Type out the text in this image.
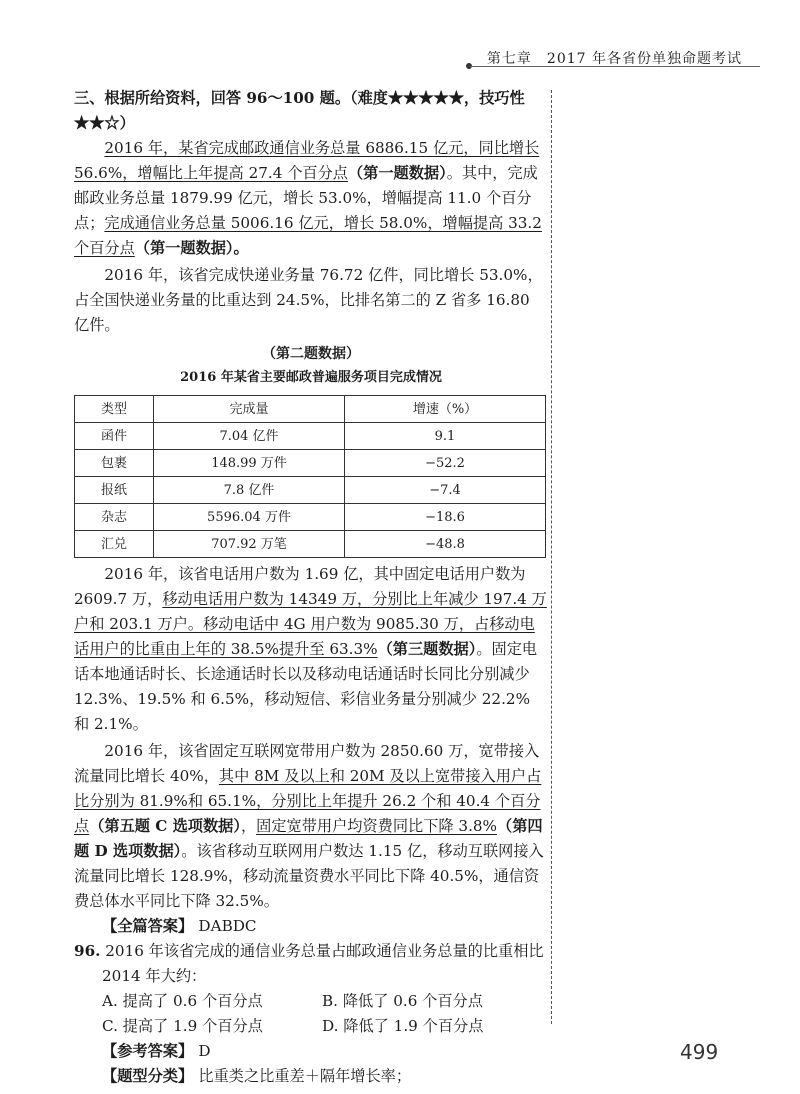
第七章　2017 年各省份单独命题考试

三、根据所给资料，回答 96～100 题。（难度★★★★★，技巧性★★☆）

2016 年，某省完成邮政通信业务总量 6886.15 亿元，同比增长 56.6%，增幅比上年提高 27.4 个百分点（第一题数据）。其中，完成邮政业务总量 1879.99 亿元，增长 53.0%，增幅提高 11.0 个百分点；完成通信业务总量 5006.16 亿元，增长 58.0%，增幅提高 33.2 个百分点（第一题数据）。

2016 年，该省完成快递业务量 76.72 亿件，同比增长 53.0%，占全国快递业务量的比重达到 24.5%，比排名第二的 Z 省多 16.80 亿件。

（第二题数据）
2016 年某省主要邮政普遍服务项目完成情况
类型	完成量	增速（%）
函件	7.04 亿件	9.1
包裹	148.99 万件	−52.2
报纸	7.8 亿件	−7.4
杂志	5596.04 万件	−18.6
汇兑	707.92 万笔	−48.8

2016 年，该省电话用户数为 1.69 亿，其中固定电话用户数为 2609.7 万，移动电话用户数为 14349 万，分别比上年减少 197.4 万户和 203.1 万户。移动电话中 4G 用户数为 9085.30 万，占移动电话用户的比重由上年的 38.5%提升至 63.3%（第三题数据）。固定电话本地通话时长、长途通话时长以及移动电话通话时长同比分别减少 12.3%、19.5% 和 6.5%，移动短信、彩信业务量分别减少 22.2% 和 2.1%。

2016 年，该省固定互联网宽带用户数为 2850.60 万，宽带接入流量同比增长 40%，其中 8M 及以上和 20M 及以上宽带接入用户占比分别为 81.9%和 65.1%，分别比上年提升 26.2 个和 40.4 个百分点（第五题 C 选项数据），固定宽带用户均资费同比下降 3.8%（第四题 D 选项数据）。该省移动互联网用户数达 1.15 亿，移动互联网接入流量同比增长 128.9%，移动流量资费水平同比下降 40.5%，通信资费总体水平同比下降 32.5%。

【全篇答案】 DABDC

96. 2016 年该省完成的通信业务总量占邮政通信业务总量的比重相比 2014 年大约：

A. 提高了 0.6 个百分点	B. 降低了 0.6 个百分点
C. 提高了 1.9 个百分点	D. 降低了 1.9 个百分点

【参考答案】 D

【题型分类】 比重类之比重差＋隔年增长率；

499
